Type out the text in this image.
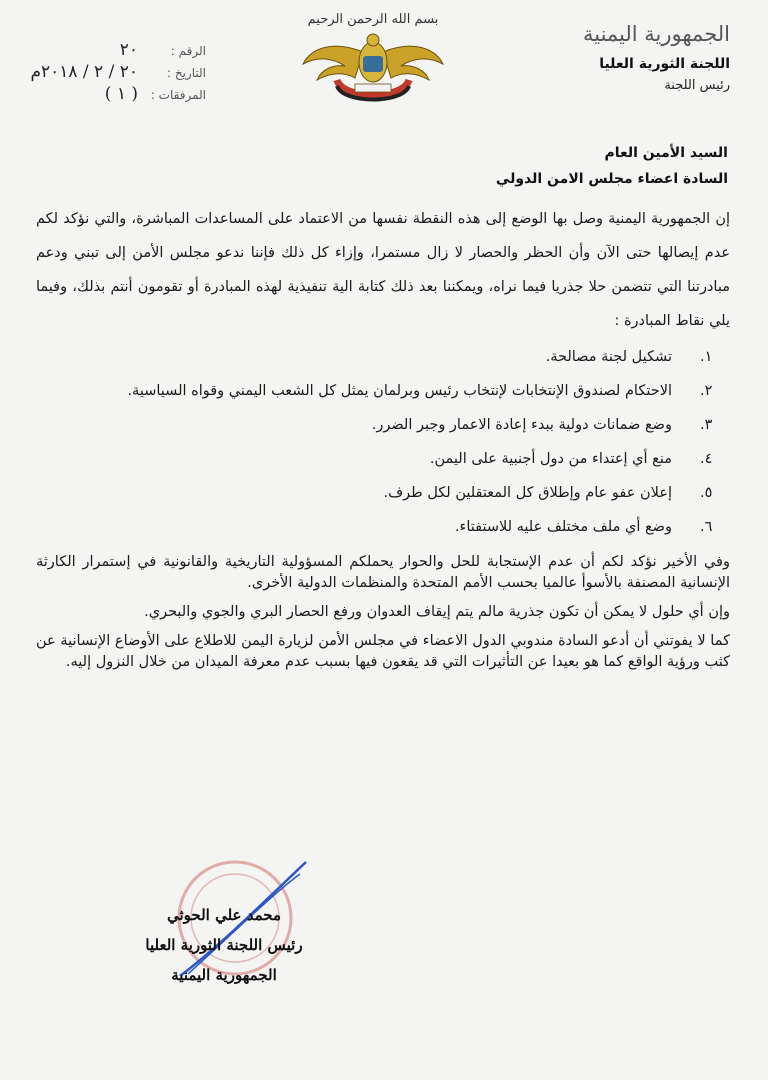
الجمهورية اليمنية
اللجنة الثورية العليا
رئيس اللجنة
بسم الله الرحمن الرحيم
الرقم :
٢٠
التاريخ :
٢٠ / ٢ / ٢٠١٨م
المرفقات :
( ١ )
السيد الأمين العام
السادة اعضاء مجلس الامن الدولي
إن الجمهورية اليمنية وصل بها الوضع إلى هذه النقطة نفسها من الاعتماد على المساعدات المباشرة، والتي نؤكد لكم عدم إيصالها حتى الآن وأن الحظر والحصار لا زال مستمرا، وإزاء كل ذلك فإننا ندعو مجلس الأمن إلى تبني ودعم مبادرتنا التي تتضمن حلا جذريا فيما نراه، ويمكننا بعد ذلك كتابة الية تنفيذية لهذه المبادرة أو تقومون أنتم بذلك، وفيما يلي نقاط المبادرة :
١.
تشكيل لجنة مصالحة.
٢.
الاحتكام لصندوق الإنتخابات لإنتخاب رئيس وبرلمان يمثل كل الشعب اليمني وقواه السياسية.
٣.
وضع ضمانات دولية ببدء إعادة الاعمار وجبر الضرر.
٤.
منع أي إعتداء من دول أجنبية على اليمن.
٥.
إعلان عفو عام وإطلاق كل المعتقلين لكل طرف.
٦.
وضع أي ملف مختلف عليه للاستفتاء.
وفي الأخير نؤكد لكم أن عدم الإستجابة للحل والحوار يحملكم المسؤولية التاريخية والقانونية في إستمرار الكارثة الإنسانية المصنفة بالأسوأ عالميا بحسب الأمم المتحدة والمنظمات الدولية الأخرى.
وإن أي حلول لا يمكن أن تكون جذرية مالم يتم إيقاف العدوان ورفع الحصار البري والجوي والبحري.
كما لا يفوتني أن أدعو السادة مندوبي الدول الاعضاء في مجلس الأمن لزيارة اليمن للاطلاع على الأوضاع الإنسانية عن كثب ورؤية الواقع كما هو بعيدا عن التأثيرات التي قد يقعون فيها بسبب عدم معرفة الميدان من خلال النزول إليه.
محمد علي الحوثي
رئيس اللجنة الثورية العليا
الجمهورية اليمنية
